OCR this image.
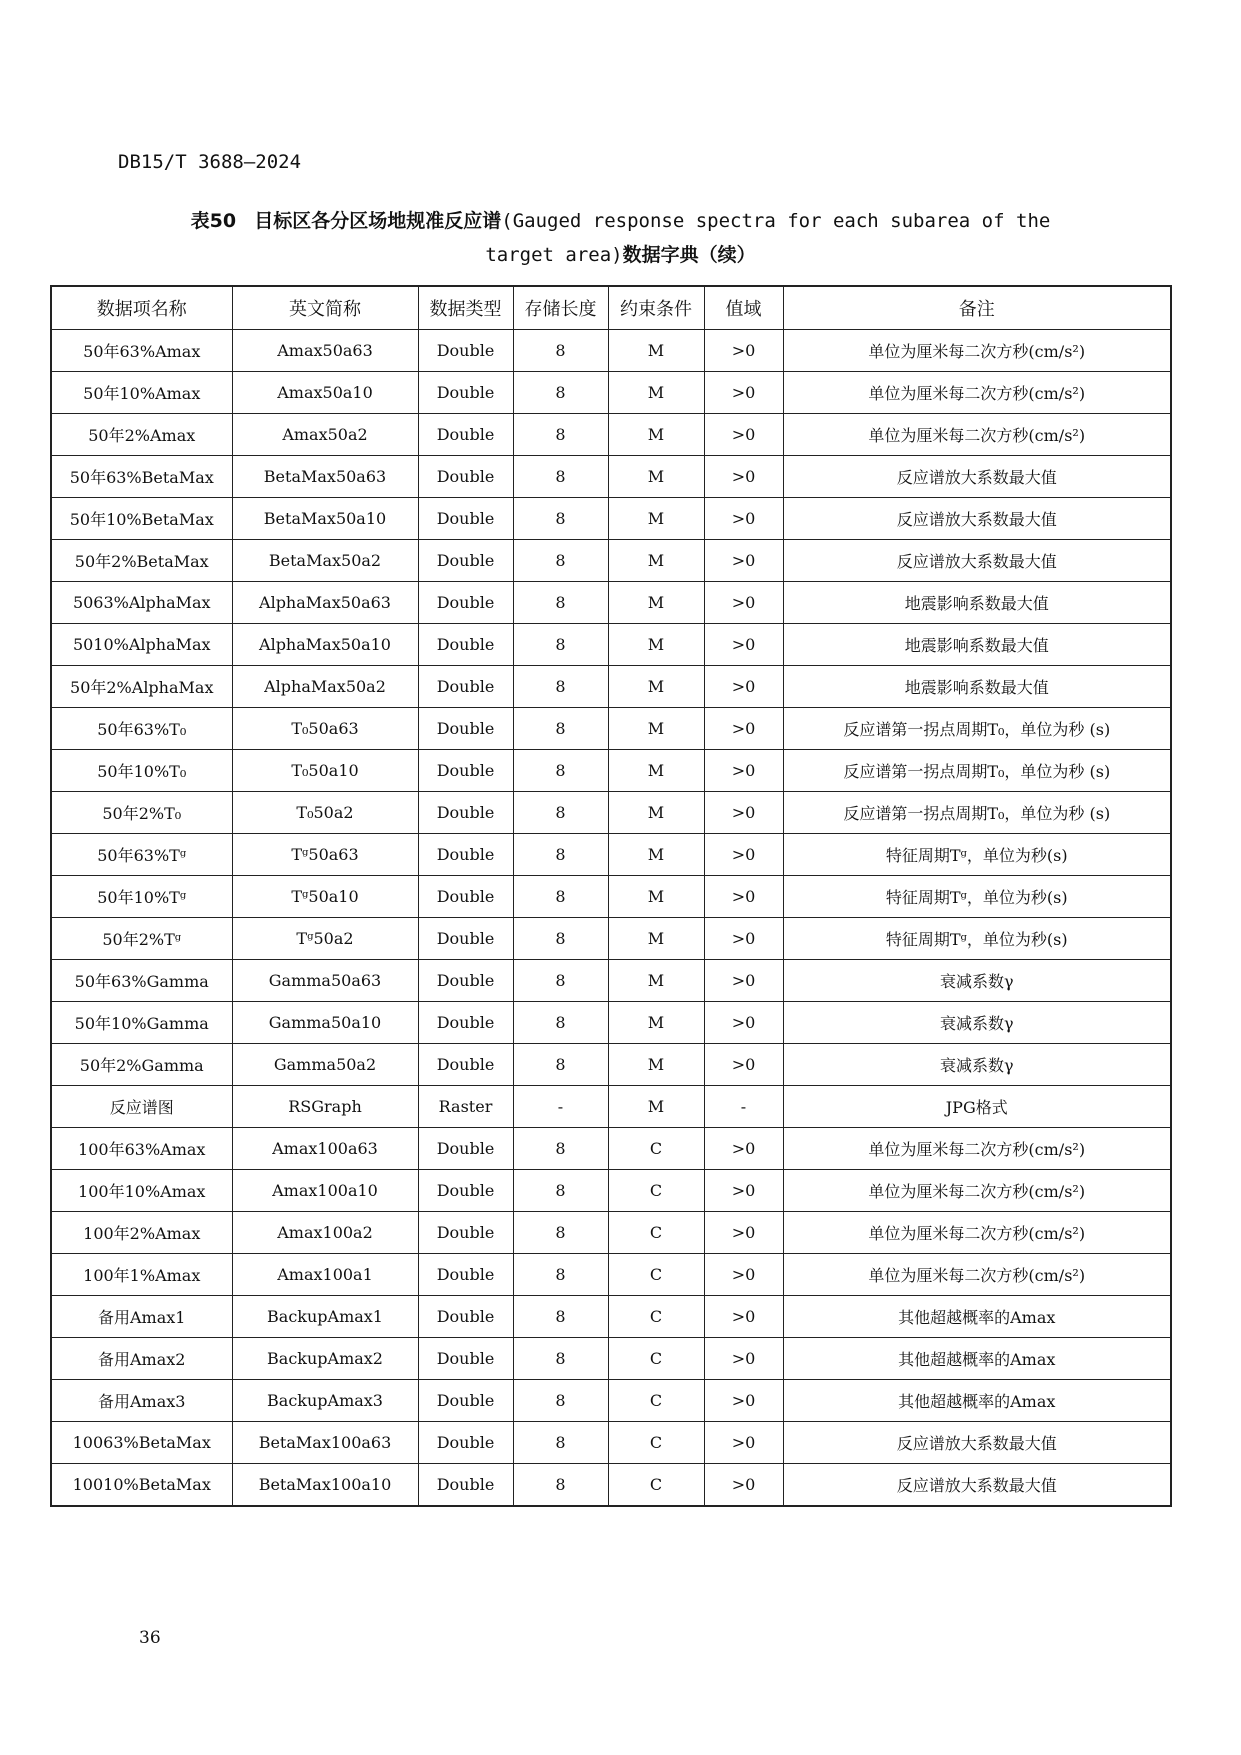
DB15/T 3688—2024
表50 目标区各分区场地规准反应谱(Gauged response spectra for each subarea of the
target area)数据字典（续）
数据项名称	英文简称	数据类型	存储长度	约束条件	值域	备注
50年63%Amax	Amax50a63	Double	8	M	>0	单位为厘米每二次方秒(cm/s²)
50年10%Amax	Amax50a10	Double	8	M	>0	单位为厘米每二次方秒(cm/s²)
50年2%Amax	Amax50a2	Double	8	M	>0	单位为厘米每二次方秒(cm/s²)
50年63%BetaMax	BetaMax50a63	Double	8	M	>0	反应谱放大系数最大值
50年10%BetaMax	BetaMax50a10	Double	8	M	>0	反应谱放大系数最大值
50年2%BetaMax	BetaMax50a2	Double	8	M	>0	反应谱放大系数最大值
5063%AlphaMax	AlphaMax50a63	Double	8	M	>0	地震影响系数最大值
5010%AlphaMax	AlphaMax50a10	Double	8	M	>0	地震影响系数最大值
50年2%AlphaMax	AlphaMax50a2	Double	8	M	>0	地震影响系数最大值
50年63%T₀	T₀50a63	Double	8	M	>0	反应谱第一拐点周期T₀，单位为秒 (s)
50年10%T₀	T₀50a10	Double	8	M	>0	反应谱第一拐点周期T₀，单位为秒 (s)
50年2%T₀	T₀50a2	Double	8	M	>0	反应谱第一拐点周期T₀，单位为秒 (s)
50年63%Tᵍ	Tᵍ50a63	Double	8	M	>0	特征周期Tᵍ，单位为秒(s)
50年10%Tᵍ	Tᵍ50a10	Double	8	M	>0	特征周期Tᵍ，单位为秒(s)
50年2%Tᵍ	Tᵍ50a2	Double	8	M	>0	特征周期Tᵍ，单位为秒(s)
50年63%Gamma	Gamma50a63	Double	8	M	>0	衰减系数γ
50年10%Gamma	Gamma50a10	Double	8	M	>0	衰减系数γ
50年2%Gamma	Gamma50a2	Double	8	M	>0	衰减系数γ
反应谱图	RSGraph	Raster	-	M	-	JPG格式
100年63%Amax	Amax100a63	Double	8	C	>0	单位为厘米每二次方秒(cm/s²)
100年10%Amax	Amax100a10	Double	8	C	>0	单位为厘米每二次方秒(cm/s²)
100年2%Amax	Amax100a2	Double	8	C	>0	单位为厘米每二次方秒(cm/s²)
100年1%Amax	Amax100a1	Double	8	C	>0	单位为厘米每二次方秒(cm/s²)
备用Amax1	BackupAmax1	Double	8	C	>0	其他超越概率的Amax
备用Amax2	BackupAmax2	Double	8	C	>0	其他超越概率的Amax
备用Amax3	BackupAmax3	Double	8	C	>0	其他超越概率的Amax
10063%BetaMax	BetaMax100a63	Double	8	C	>0	反应谱放大系数最大值
10010%BetaMax	BetaMax100a10	Double	8	C	>0	反应谱放大系数最大值
36
